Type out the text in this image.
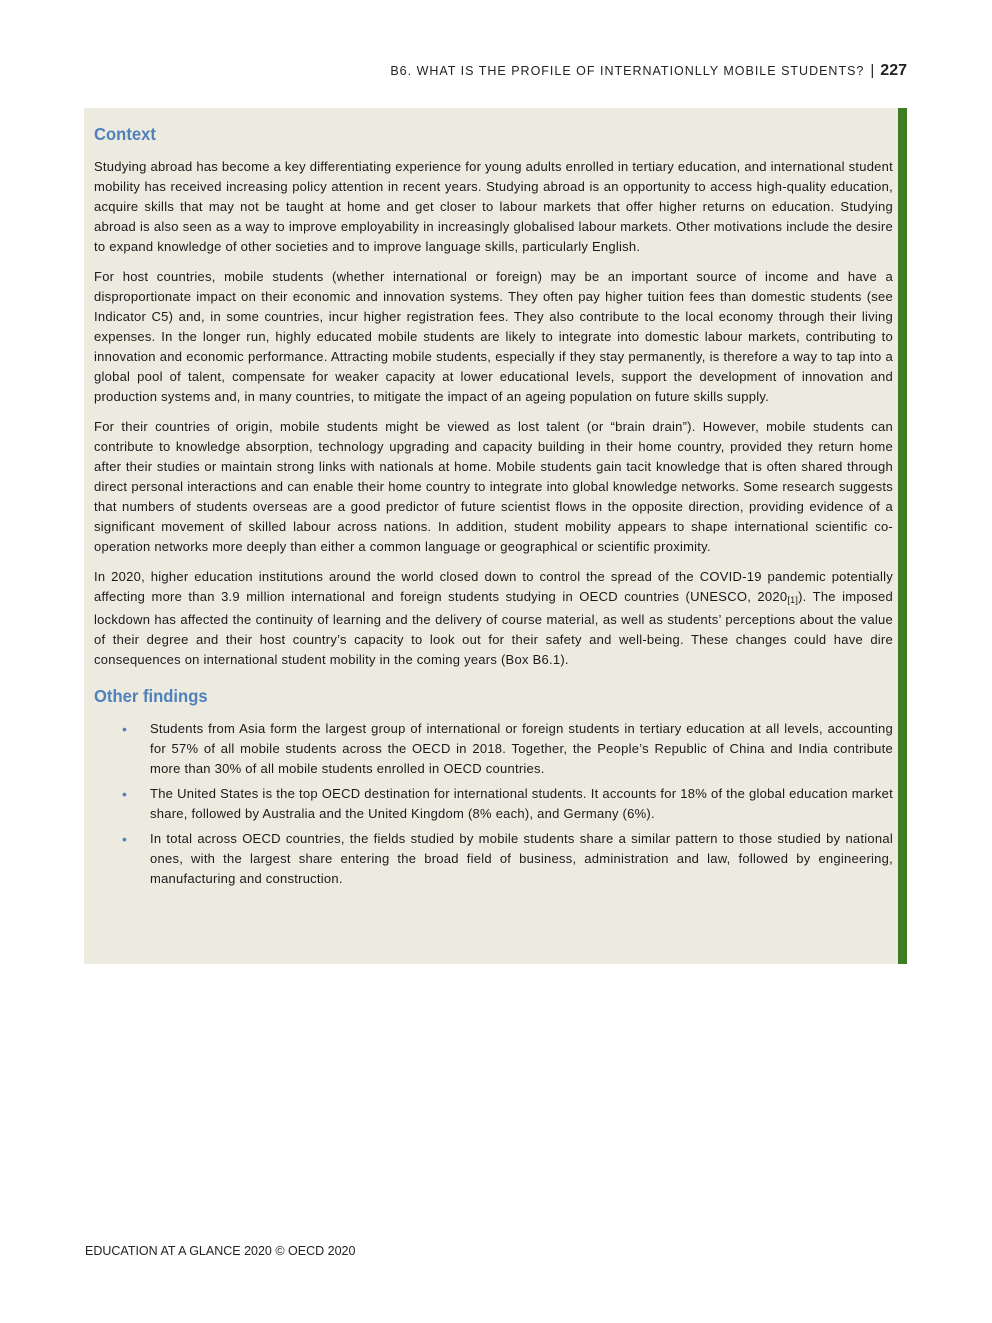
B6. WHAT IS THE PROFILE OF INTERNATIONLLY MOBILE STUDENTS? | 227
Context

Studying abroad has become a key differentiating experience for young adults enrolled in tertiary education, and international student mobility has received increasing policy attention in recent years. Studying abroad is an opportunity to access high-quality education, acquire skills that may not be taught at home and get closer to labour markets that offer higher returns on education. Studying abroad is also seen as a way to improve employability in increasingly globalised labour markets. Other motivations include the desire to expand knowledge of other societies and to improve language skills, particularly English.

For host countries, mobile students (whether international or foreign) may be an important source of income and have a disproportionate impact on their economic and innovation systems. They often pay higher tuition fees than domestic students (see Indicator C5) and, in some countries, incur higher registration fees. They also contribute to the local economy through their living expenses. In the longer run, highly educated mobile students are likely to integrate into domestic labour markets, contributing to innovation and economic performance. Attracting mobile students, especially if they stay permanently, is therefore a way to tap into a global pool of talent, compensate for weaker capacity at lower educational levels, support the development of innovation and production systems and, in many countries, to mitigate the impact of an ageing population on future skills supply.

For their countries of origin, mobile students might be viewed as lost talent (or “brain drain”). However, mobile students can contribute to knowledge absorption, technology upgrading and capacity building in their home country, provided they return home after their studies or maintain strong links with nationals at home. Mobile students gain tacit knowledge that is often shared through direct personal interactions and can enable their home country to integrate into global knowledge networks. Some research suggests that numbers of students overseas are a good predictor of future scientist flows in the opposite direction, providing evidence of a significant movement of skilled labour across nations. In addition, student mobility appears to shape international scientific co-operation networks more deeply than either a common language or geographical or scientific proximity.

In 2020, higher education institutions around the world closed down to control the spread of the COVID-19 pandemic potentially affecting more than 3.9 million international and foreign students studying in OECD countries (UNESCO, $2020_{[1]}$). The imposed lockdown has affected the continuity of learning and the delivery of course material, as well as students’ perceptions about the value of their degree and their host country’s capacity to look out for their safety and well-being. These changes could have dire consequences on international student mobility in the coming years (Box B6.1).

Other findings
• Students from Asia form the largest group of international or foreign students in tertiary education at all levels, accounting for 57% of all mobile students across the OECD in 2018. Together, the People’s Republic of China and India contribute more than 30% of all mobile students enrolled in OECD countries.
• The United States is the top OECD destination for international students. It accounts for 18% of the global education market share, followed by Australia and the United Kingdom (8% each), and Germany (6%).
• In total across OECD countries, the fields studied by mobile students share a similar pattern to those studied by national ones, with the largest share entering the broad field of business, administration and law, followed by engineering, manufacturing and construction.
EDUCATION AT A GLANCE 2020 © OECD 2020
